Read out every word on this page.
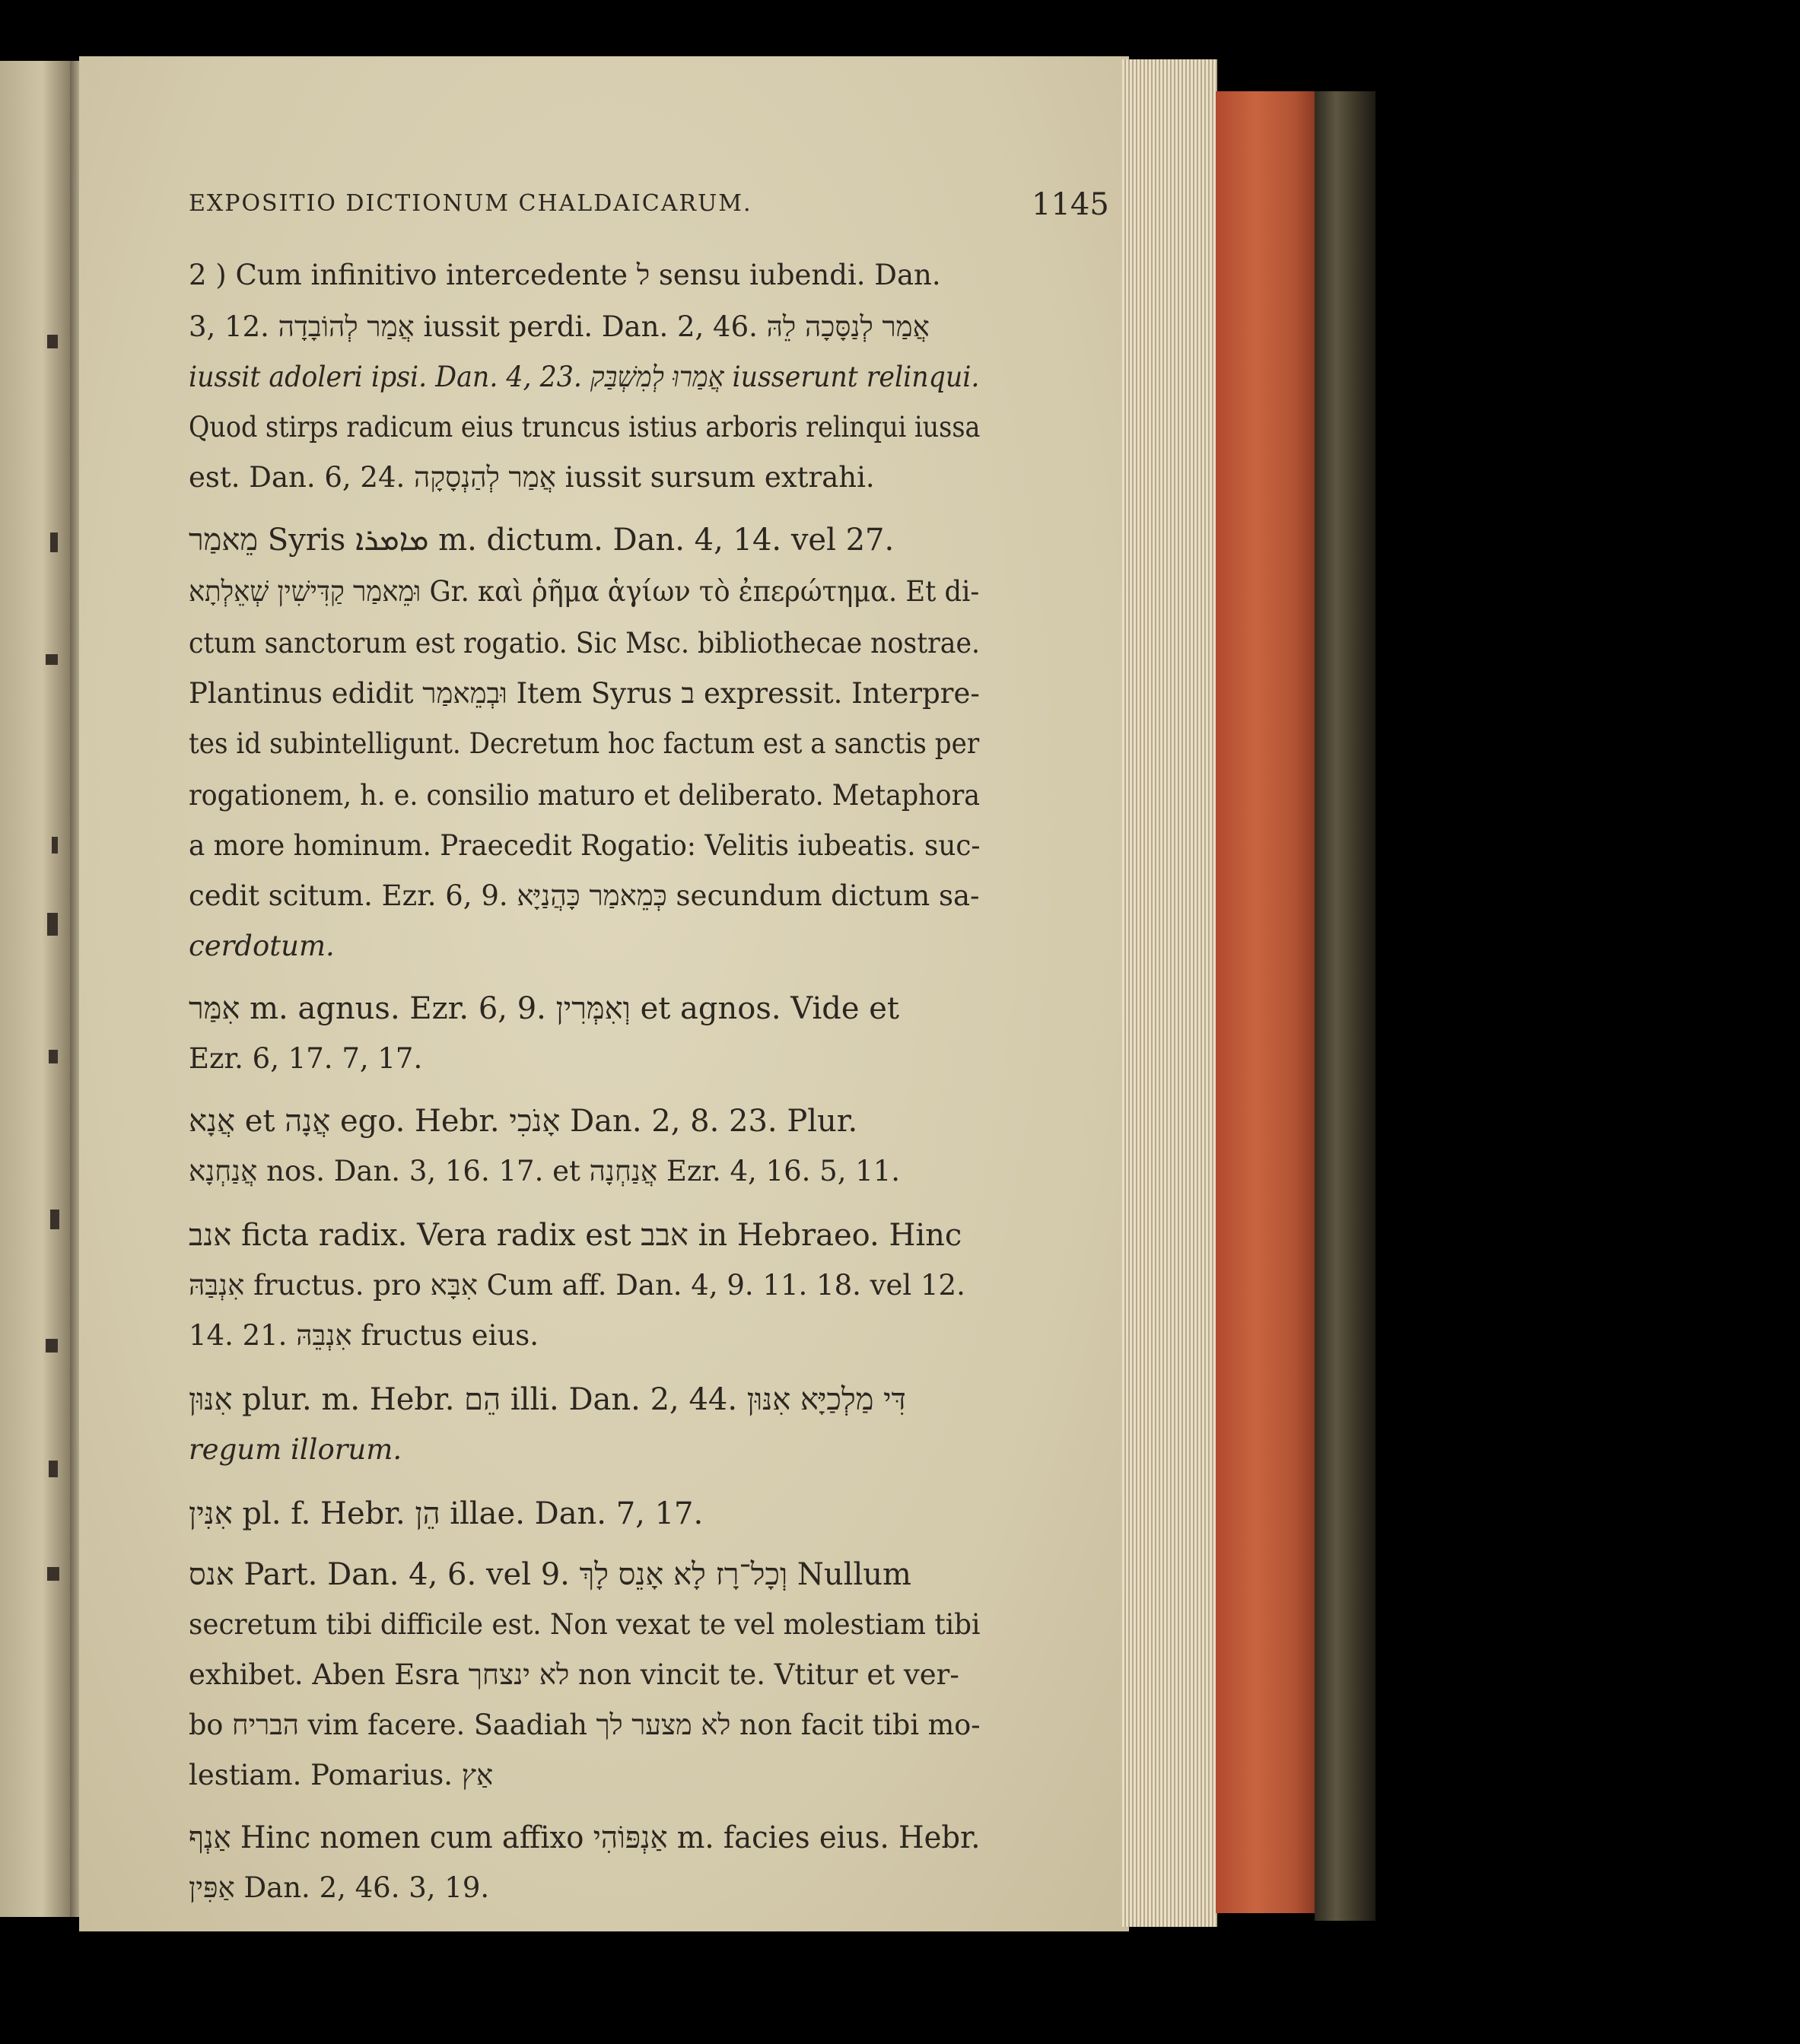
EXPOSITIO DICTIONUM CHALDAICARUM.	1145
2 ) Cum infinitivo intercedente ל sensu iubendi. Dan.
3, 12. אֲמַר לְהוֹבָדָה iussit perdi. Dan. 2, 46. אֲמַר לְנַסָּכָה לֵהּ
iussit adoleri ipsi. Dan. 4, 23. אֲמַרוּ לְמִשְׁבַּק iusserunt relinqui.
Quod stirps radicum eius truncus istius arboris relinqui iussa
est. Dan. 6, 24. אֲמַר לְהַנְסָקָה iussit sursum extrahi.
מֵאמַר Syris ܡܐܡܪܐ m. dictum. Dan. 4, 14. vel 27.
וּמֵאמַר קַדִּישִׁין שְׁאֵלְתָא Gr. καὶ ῥῆμα ἁγίων τὸ ἐπερώτημα. Et di-
ctum sanctorum est rogatio. Sic Msc. bibliothecae nostrae.
Plantinus edidit וּבְמֵאמַר Item Syrus ב expressit. Interpre-
tes id subintelligunt. Decretum hoc factum est a sanctis per
rogationem, h. e. consilio maturo et deliberato. Metaphora
a more hominum. Praecedit Rogatio: Velitis iubeatis. suc-
cedit scitum. Ezr. 6, 9. כְּמֵאמַר כָּהֲנַיָּא secundum dictum sa-
cerdotum.
אִמַּר m. agnus. Ezr. 6, 9. וְאִמְּרִין et agnos. Vide et
Ezr. 6, 17. 7, 17.
אֲנָא et אֲנָה ego. Hebr. אָנֹכִי Dan. 2, 8. 23. Plur.
אֲנַחְנָא nos. Dan. 3, 16. 17. et אֲנַחְנָה Ezr. 4, 16. 5, 11.
אנב ficta radix. Vera radix est אבב in Hebraeo. Hinc
אִנְבַּהּ fructus. pro אִבָּא Cum aff. Dan. 4, 9. 11. 18. vel 12.
14. 21. אִנְבֵּהּ fructus eius.
אִנּוּן plur. m. Hebr. הֵם illi. Dan. 2, 44. דִּי מַלְכַיָּא אִנּוּן
regum illorum.
אִנִּין pl. f. Hebr. הֵן illae. Dan. 7, 17.
אנס Part. Dan. 4, 6. vel 9. וְכָל־רָז לָא אָנֵס לָךְ Nullum
secretum tibi difficile est. Non vexat te vel molestiam tibi
exhibet. Aben Esra לא ינצחך non vincit te. Vtitur et ver-
bo הבריח vim facere. Saadiah לא מצער לך non facit tibi mo-
lestiam. Pomarius. אַץ
אַנְף Hinc nomen cum affixo אַנְפּוֹהִי m. facies eius. Hebr.
אַפִּין Dan. 2, 46. 3, 19.
